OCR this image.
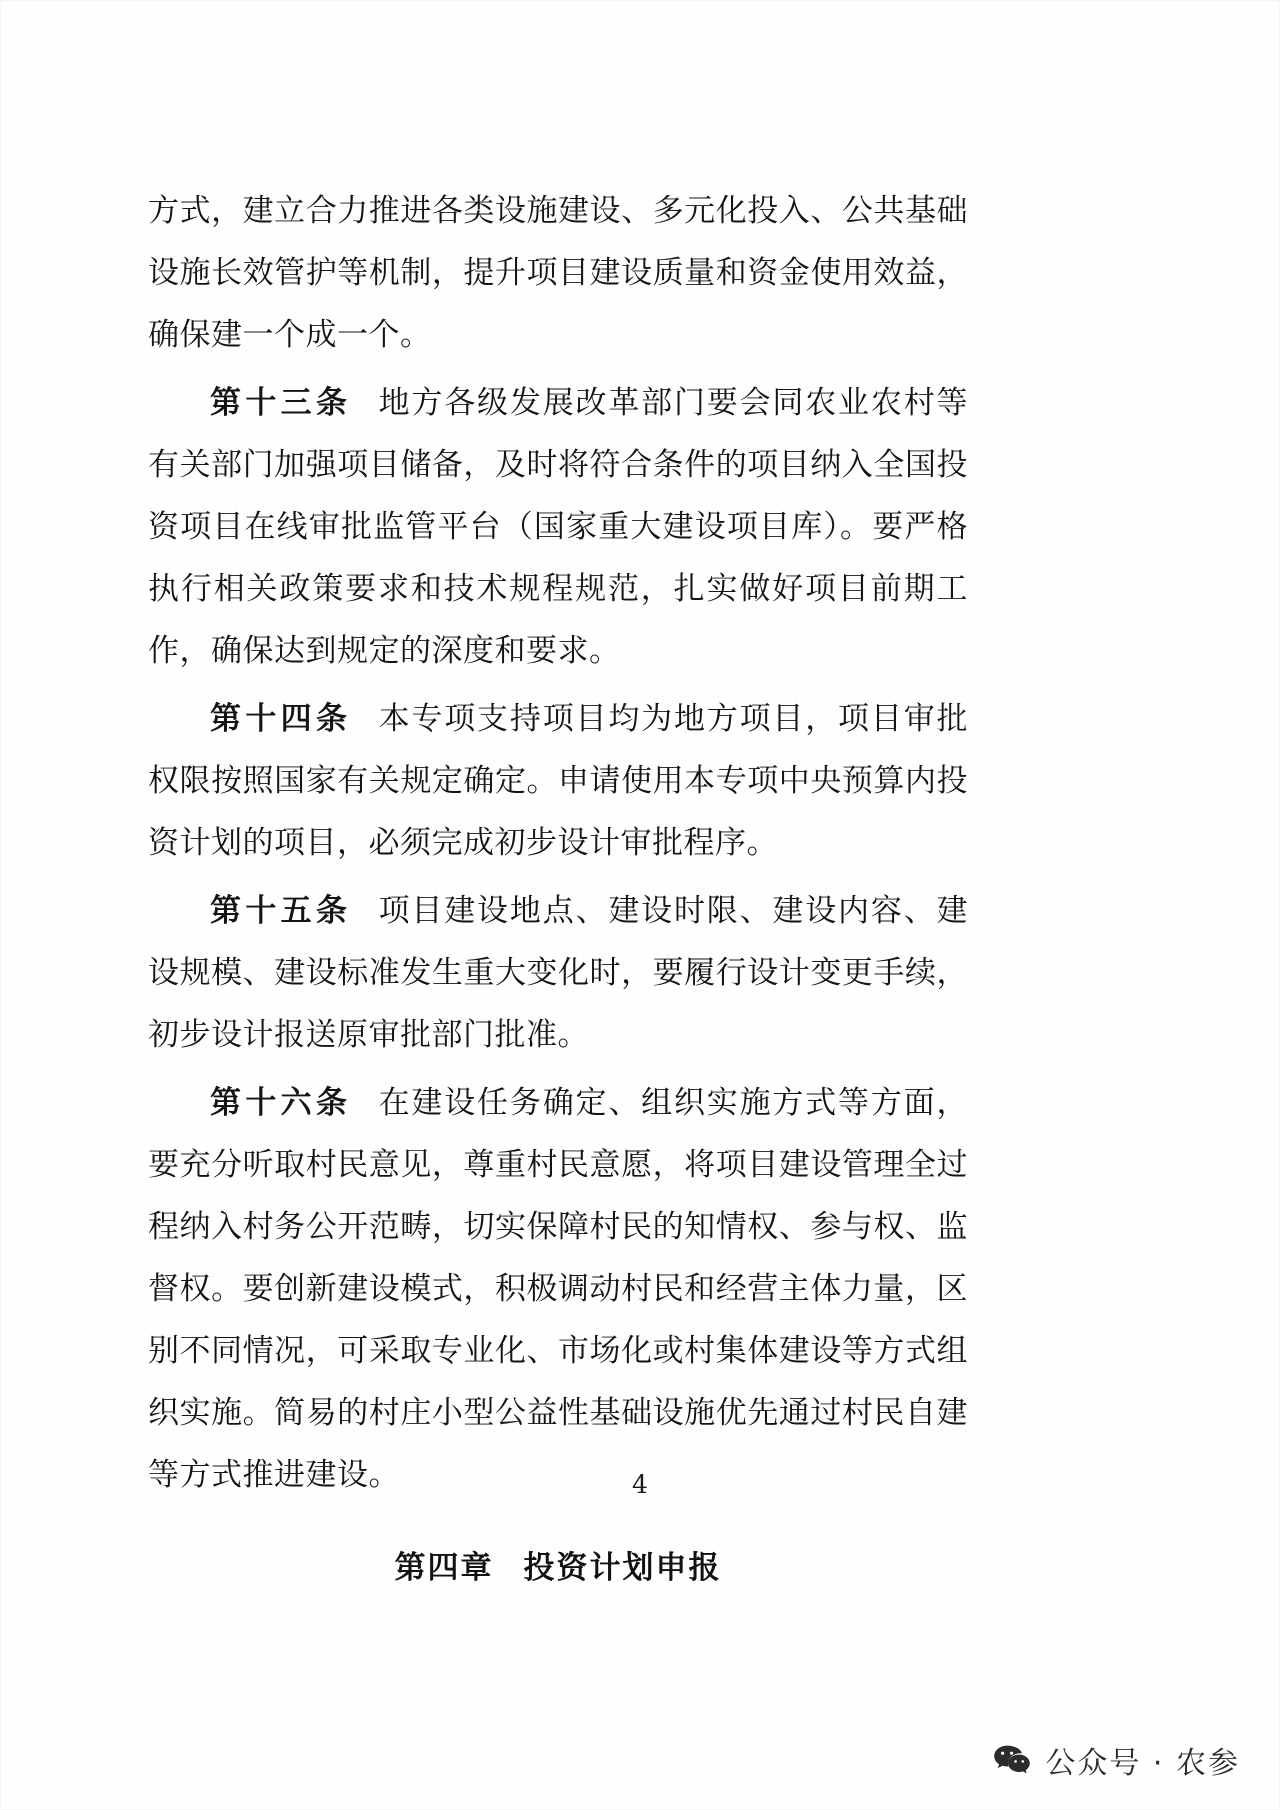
方式，建立合力推进各类设施建设、多元化投入、公共基础设施长效管护等机制，提升项目建设质量和资金使用效益，确保建一个成一个。

第十三条 地方各级发展改革部门要会同农业农村等有关部门加强项目储备，及时将符合条件的项目纳入全国投资项目在线审批监管平台（国家重大建设项目库）。要严格执行相关政策要求和技术规程规范，扎实做好项目前期工作，确保达到规定的深度和要求。

第十四条 本专项支持项目均为地方项目，项目审批权限按照国家有关规定确定。申请使用本专项中央预算内投资计划的项目，必须完成初步设计审批程序。

第十五条 项目建设地点、建设时限、建设内容、建设规模、建设标准发生重大变化时，要履行设计变更手续，初步设计报送原审批部门批准。

第十六条 在建设任务确定、组织实施方式等方面，要充分听取村民意见，尊重村民意愿，将项目建设管理全过程纳入村务公开范畴，切实保障村民的知情权、参与权、监督权。要创新建设模式，积极调动村民和经营主体力量，区别不同情况，可采取专业化、市场化或村集体建设等方式组织实施。简易的村庄小型公益性基础设施优先通过村民自建等方式推进建设。

第四章 投资计划申报
4
公众号 · 农参
